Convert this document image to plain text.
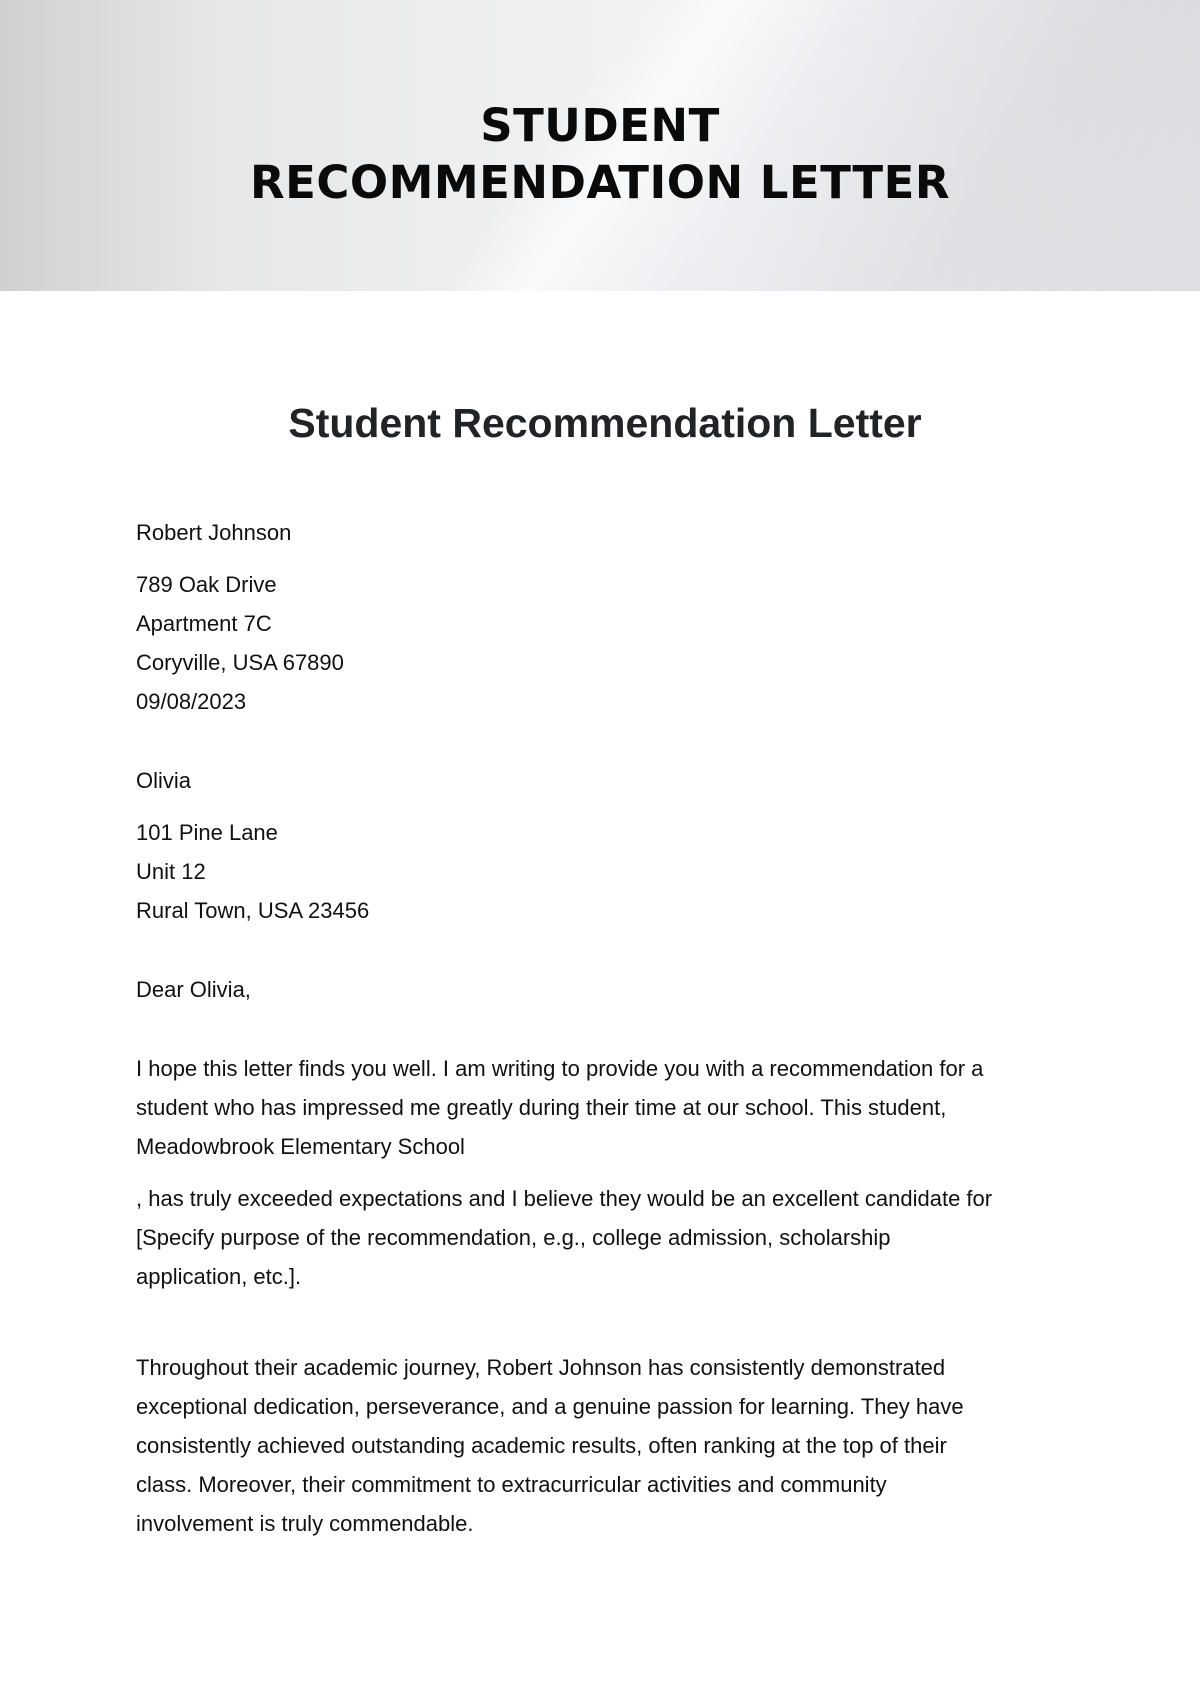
STUDENT
RECOMMENDATION LETTER
Student Recommendation Letter
Robert Johnson
789 Oak Drive
Apartment 7C
Coryville, USA 67890
09/08/2023
Olivia
101 Pine Lane
Unit 12
Rural Town, USA 23456
Dear Olivia,
I hope this letter finds you well. I am writing to provide you with a recommendation for a
student who has impressed me greatly during their time at our school. This student,
Meadowbrook Elementary School
, has truly exceeded expectations and I believe they would be an excellent candidate for
[Specify purpose of the recommendation, e.g., college admission, scholarship
application, etc.].
Throughout their academic journey, Robert Johnson has consistently demonstrated
exceptional dedication, perseverance, and a genuine passion for learning. They have
consistently achieved outstanding academic results, often ranking at the top of their
class. Moreover, their commitment to extracurricular activities and community
involvement is truly commendable.
